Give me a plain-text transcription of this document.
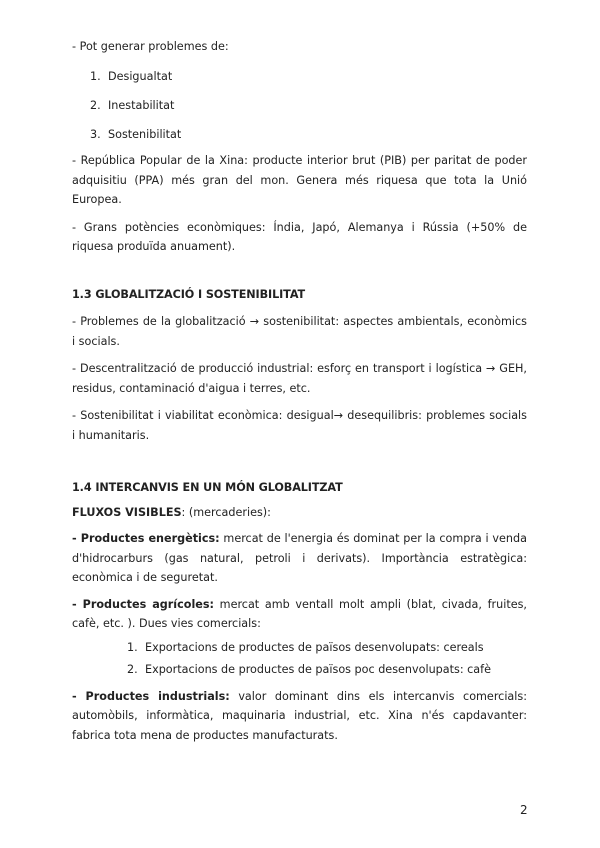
- Pot generar problemes de:

1. Desigualtat
2. Inestabilitat
3. Sostenibilitat

- República Popular de la Xina: producte interior brut (PIB) per paritat de poder adquisitiu (PPA) més gran del mon. Genera més riquesa que tota la Unió Europea.

- Grans potències econòmiques: Índia, Japó, Alemanya i Rússia (+50% de riquesa produïda anuament).

1.3 GLOBALITZACIÓ I SOSTENIBILITAT

- Problemes de la globalització → sostenibilitat: aspectes ambientals, econòmics i socials.

- Descentralització de producció industrial: esforç en transport i logística → GEH, residus, contaminació d'aigua i terres, etc.

- Sostenibilitat i viabilitat econòmica: desigual→ desequilibris: problemes socials i humanitaris.

1.4 INTERCANVIS EN UN MÓN GLOBALITZAT

FLUXOS VISIBLES: (mercaderies):

- Productes energètics: mercat de l'energia és dominat per la compra i venda d'hidrocarburs (gas natural, petroli i derivats). Importància estratègica: econòmica i de seguretat.

- Productes agrícoles: mercat amb ventall molt ampli (blat, civada, fruites, cafè, etc. ). Dues vies comercials:

1. Exportacions de productes de països desenvolupats: cereals
2. Exportacions de productes de països poc desenvolupats: cafè

- Productes industrials: valor dominant dins els intercanvis comercials: automòbils, informàtica, maquinaria industrial, etc. Xina n'és capdavanter: fabrica tota mena de productes manufacturats.

2
